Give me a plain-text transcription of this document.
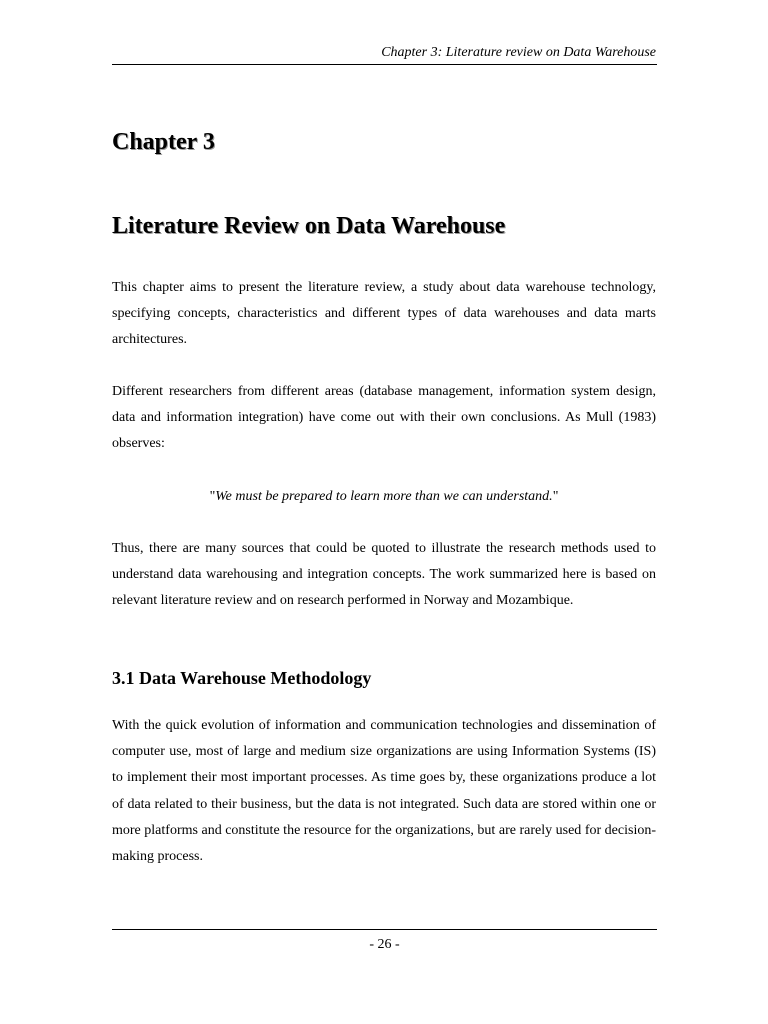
Chapter 3: Literature review on Data Warehouse
Chapter 3
Literature Review on Data Warehouse

This chapter aims to present the literature review, a study about data warehouse technology, specifying concepts, characteristics and different types of data warehouses and data marts architectures.

Different researchers from different areas (database management, information system design, data and information integration) have come out with their own conclusions. As Mull (1983) observes:

"We must be prepared to learn more than we can understand."

Thus, there are many sources that could be quoted to illustrate the research methods used to understand data warehousing and integration concepts. The work summarized here is based on relevant literature review and on research performed in Norway and Mozambique.

3.1 Data Warehouse Methodology

With the quick evolution of information and communication technologies and dissemination of computer use, most of large and medium size organizations are using Information Systems (IS) to implement their most important processes. As time goes by, these organizations produce a lot of data related to their business, but the data is not integrated. Such data are stored within one or more platforms and constitute the resource for the organizations, but are rarely used for decision-making process.

- 26 -
